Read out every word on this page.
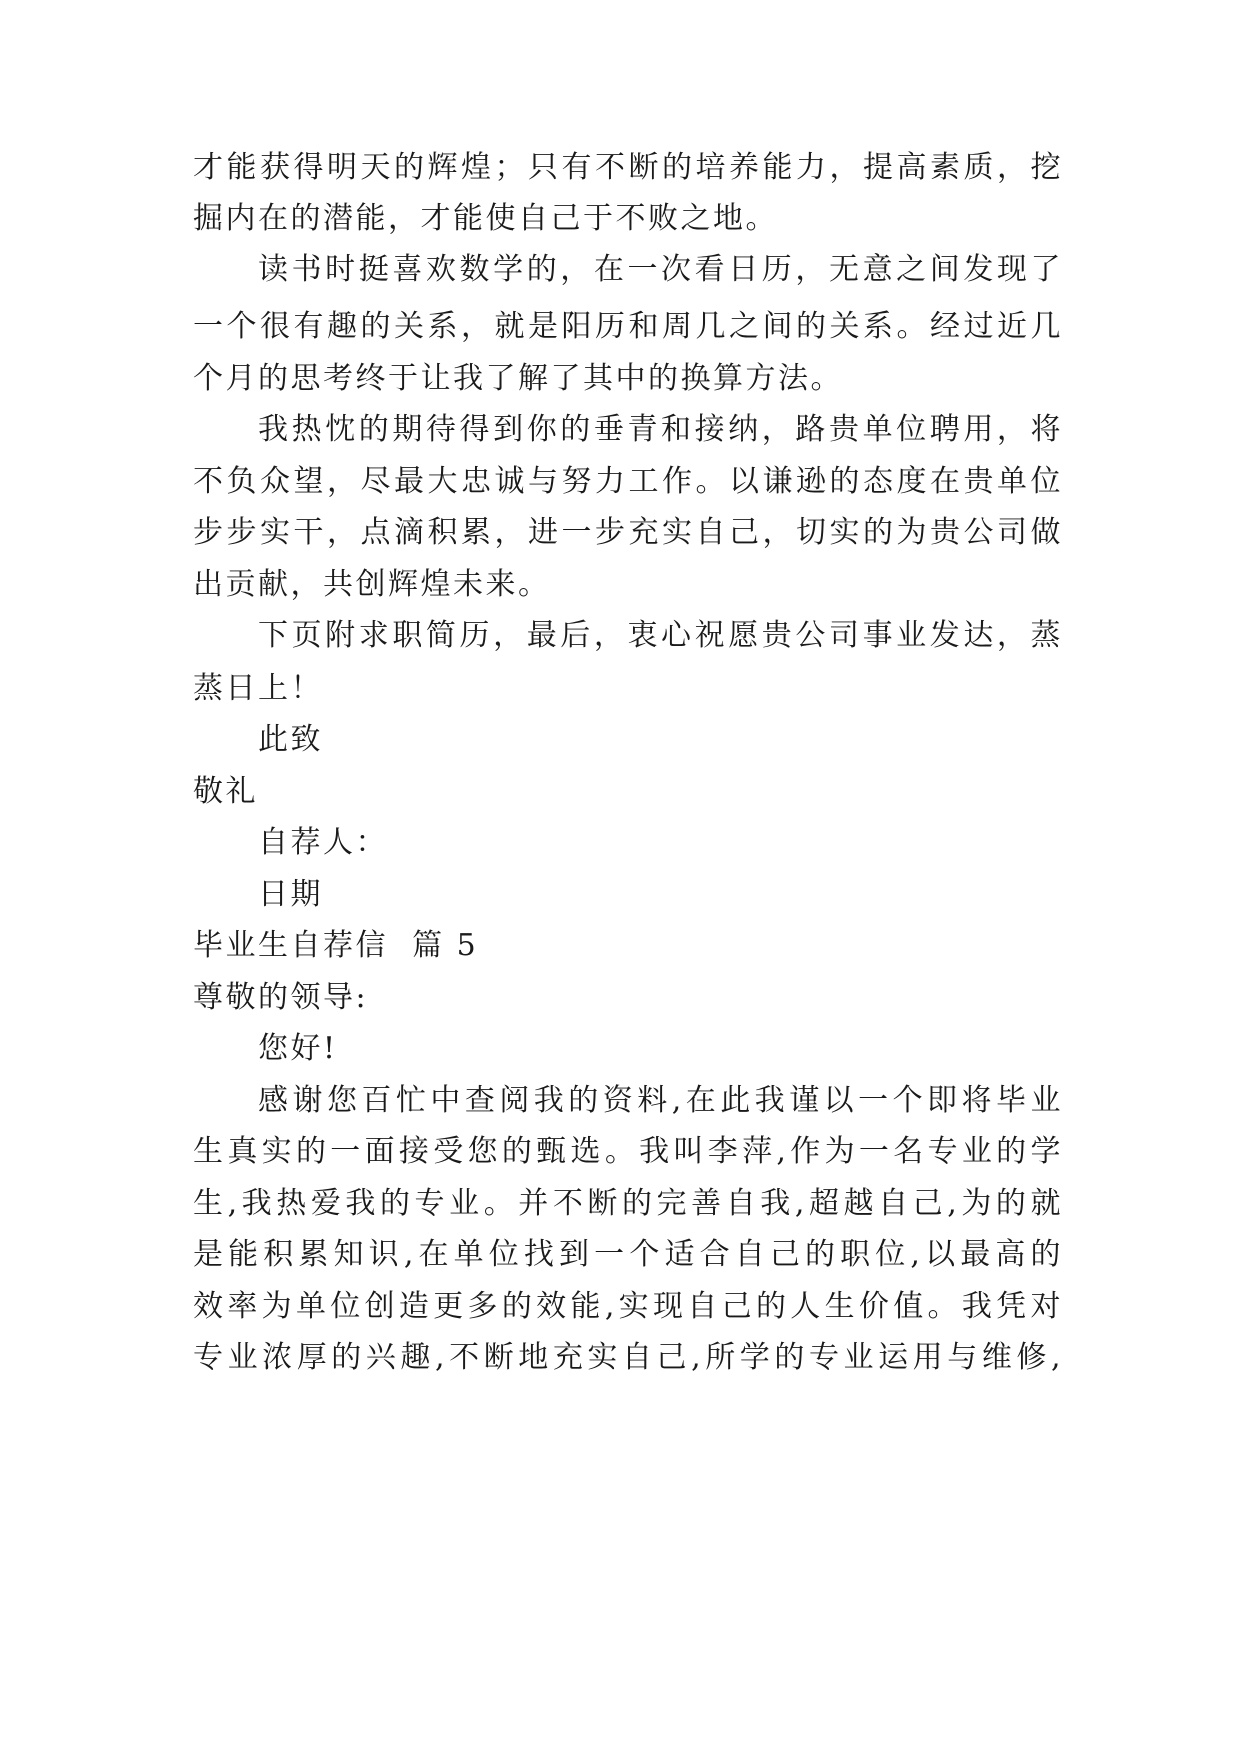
才能获得明天的辉煌；只有不断的培养能力，提高素质，挖
掘内在的潜能，才能使自己于不败之地。
读书时挺喜欢数学的，在一次看日历，无意之间发现了
一个很有趣的关系，就是阳历和周几之间的关系。经过近几
个月的思考终于让我了解了其中的换算方法。
我热忱的期待得到你的垂青和接纳，路贵单位聘用，将
不负众望，尽最大忠诚与努力工作。以谦逊的态度在贵单位
步步实干，点滴积累，进一步充实自己，切实的为贵公司做
出贡献，共创辉煌未来。
下页附求职简历，最后，衷心祝愿贵公司事业发达，蒸
蒸日上！
此致
敬礼
自荐人：
日期
毕业生自荐信  篇 5
尊敬的领导:
您好!
感谢您百忙中查阅我的资料,在此我谨以一个即将毕业
生真实的一面接受您的甄选。我叫李萍,作为一名专业的学
生,我热爱我的专业。并不断的完善自我,超越自己,为的就
是能积累知识,在单位找到一个适合自己的职位,以最高的
效率为单位创造更多的效能,实现自己的人生价值。我凭对
专业浓厚的兴趣,不断地充实自己,所学的专业运用与维修,
